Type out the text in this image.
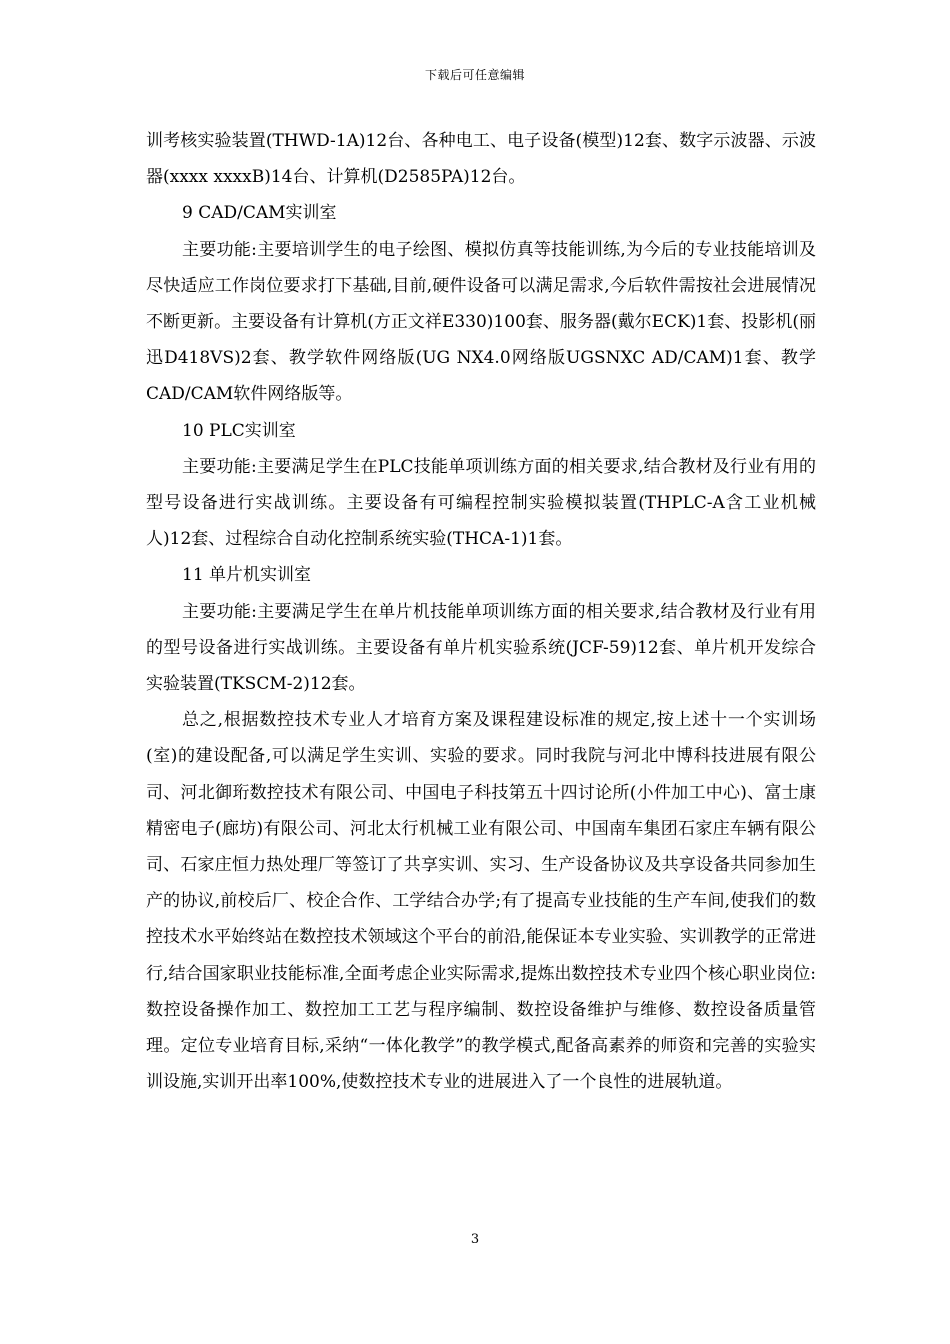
下载后可任意编辑

训考核实验装置(THWD-1A)12台、各种电工、电子设备(模型)12套、数字示波器、示波器(xxxx xxxxB)14台、计算机(D2585PA)12台。

9 CAD/CAM实训室

主要功能:主要培训学生的电子绘图、模拟仿真等技能训练,为今后的专业技能培训及尽快适应工作岗位要求打下基础,目前,硬件设备可以满足需求,今后软件需按社会进展情况不断更新。主要设备有计算机(方正文祥E330)100套、服务器(戴尔ECK)1套、投影机(丽迅D418VS)2套、教学软件网络版(UG NX4.0网络版UGSNXC AD/CAM)1套、教学CAD/CAM软件网络版等。

10 PLC实训室

主要功能:主要满足学生在PLC技能单项训练方面的相关要求,结合教材及行业有用的型号设备进行实战训练。主要设备有可编程控制实验模拟装置(THPLC-A含工业机械人)12套、过程综合自动化控制系统实验(THCA-1)1套。

11 单片机实训室

主要功能:主要满足学生在单片机技能单项训练方面的相关要求,结合教材及行业有用的型号设备进行实战训练。主要设备有单片机实验系统(JCF-59)12套、单片机开发综合实验装置(TKSCM-2)12套。

总之,根据数控技术专业人才培育方案及课程建设标准的规定,按上述十一个实训场(室)的建设配备,可以满足学生实训、实验的要求。同时我院与河北中博科技进展有限公司、河北御珩数控技术有限公司、中国电子科技第五十四讨论所(小件加工中心)、富士康精密电子(廊坊)有限公司、河北太行机械工业有限公司、中国南车集团石家庄车辆有限公司、石家庄恒力热处理厂等签订了共享实训、实习、生产设备协议及共享设备共同参加生产的协议,前校后厂、校企合作、工学结合办学;有了提高专业技能的生产车间,使我们的数控技术水平始终站在数控技术领域这个平台的前沿,能保证本专业实验、实训教学的正常进行,结合国家职业技能标准,全面考虑企业实际需求,提炼出数控技术专业四个核心职业岗位:数控设备操作加工、数控加工工艺与程序编制、数控设备维护与维修、数控设备质量管理。定位专业培育目标,采纳“一体化教学”的教学模式,配备高素养的师资和完善的实验实训设施,实训开出率100%,使数控技术专业的进展进入了一个良性的进展轨道。

3
